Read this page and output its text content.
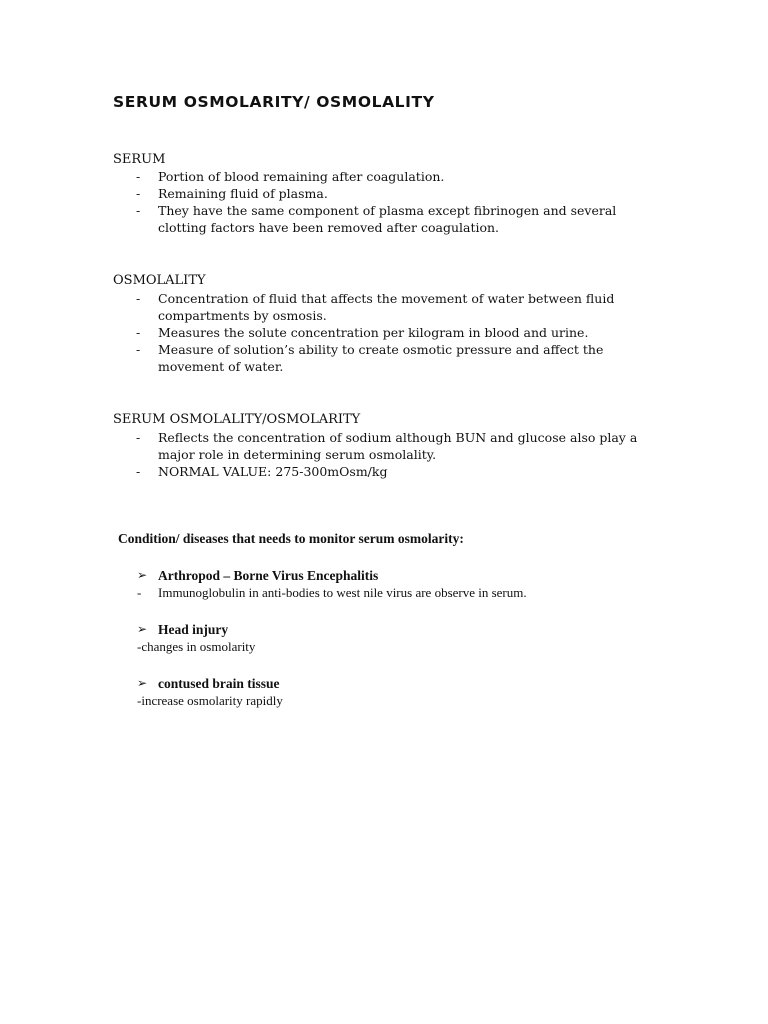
SERUM OSMOLARITY/ OSMOLALITY
SERUM
- Portion of blood remaining after coagulation.
- Remaining fluid of plasma.
- They have the same component of plasma except fibrinogen and several clotting factors have been removed after coagulation.
OSMOLALITY
- Concentration of fluid that affects the movement of water between fluid compartments by osmosis.
- Measures the solute concentration per kilogram in blood and urine.
- Measure of solution’s ability to create osmotic pressure and affect the movement of water.
SERUM OSMOLALITY/OSMOLARITY
- Reflects the concentration of sodium although BUN and glucose also play a major role in determining serum osmolality.
- NORMAL VALUE: 275-300mOsm/kg
Condition/ diseases that needs to monitor serum osmolarity:
➢ Arthropod – Borne Virus Encephalitis
- Immunoglobulin in anti-bodies to west nile virus are observe in serum.
➢ Head injury
-changes in osmolarity
➢ contused brain tissue
-increase osmolarity rapidly
